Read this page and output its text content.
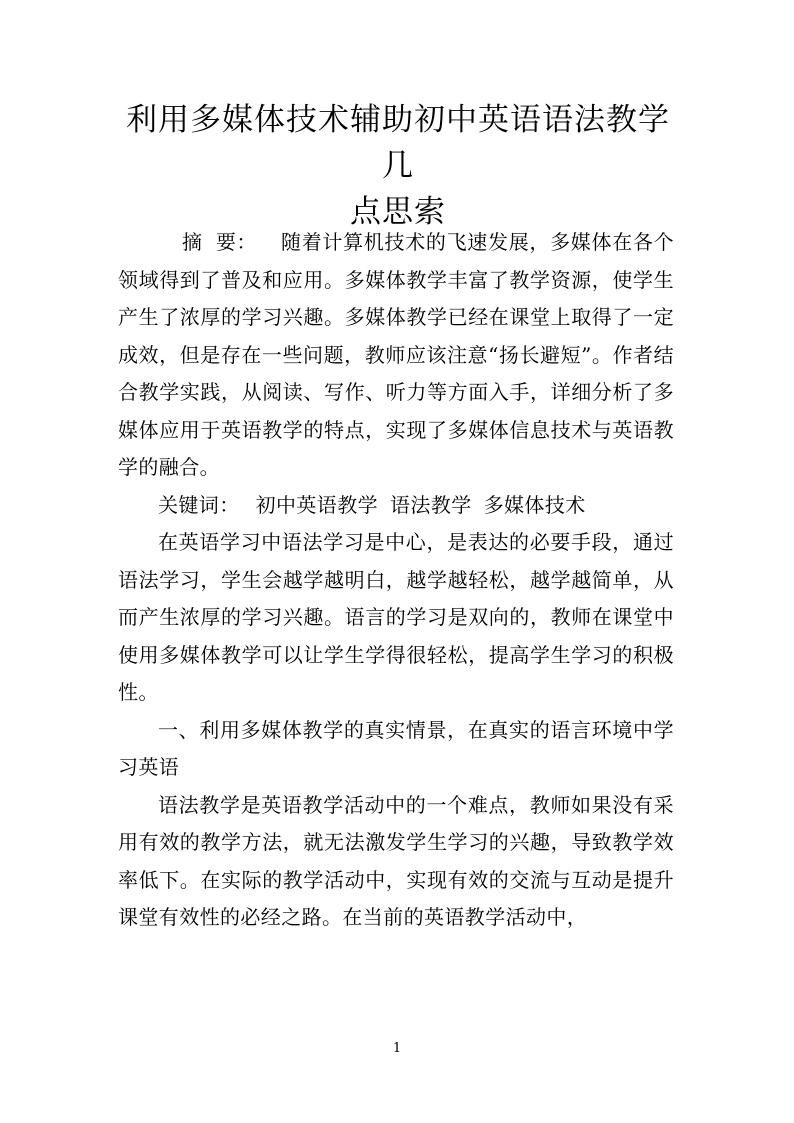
利用多媒体技术辅助初中英语语法教学几
点思索

摘  要： 随着计算机技术的飞速发展，多媒体在各个领域得到了普及和应用。多媒体教学丰富了教学资源，使学生产生了浓厚的学习兴趣。多媒体教学已经在课堂上取得了一定成效，但是存在一些问题，教师应该注意“扬长避短”。作者结合教学实践，从阅读、写作、听力等方面入手，详细分析了多媒体应用于英语教学的特点，实现了多媒体信息技术与英语教学的融合。

关键词： 初中英语教学 语法教学 多媒体技术

在英语学习中语法学习是中心，是表达的必要手段，通过语法学习，学生会越学越明白，越学越轻松，越学越简单，从而产生浓厚的学习兴趣。语言的学习是双向的，教师在课堂中使用多媒体教学可以让学生学得很轻松，提高学生学习的积极性。

一、利用多媒体教学的真实情景，在真实的语言环境中学习英语

语法教学是英语教学活动中的一个难点，教师如果没有采用有效的教学方法，就无法激发学生学习的兴趣，导致教学效率低下。在实际的教学活动中，实现有效的交流与互动是提升课堂有效性的必经之路。在当前的英语教学活动中，

1
